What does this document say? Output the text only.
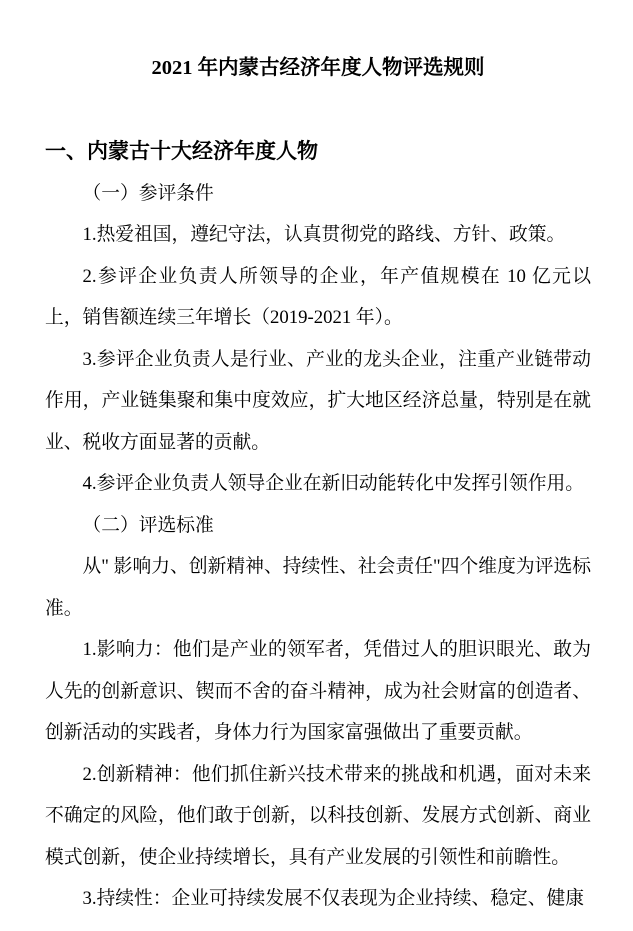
2021 年内蒙古经济年度人物评选规则

一、内蒙古十大经济年度人物

（一）参评条件

1.热爱祖国，遵纪守法，认真贯彻党的路线、方针、政策。

2.参评企业负责人所领导的企业，年产值规模在 10 亿元以上，销售额连续三年增长（2019-2021 年）。

3.参评企业负责人是行业、产业的龙头企业，注重产业链带动作用，产业链集聚和集中度效应，扩大地区经济总量，特别是在就业、税收方面显著的贡献。

4.参评企业负责人领导企业在新旧动能转化中发挥引领作用。

（二）评选标准

从" 影响力、创新精神、持续性、社会责任"四个维度为评选标准。

1.影响力：他们是产业的领军者，凭借过人的胆识眼光、敢为人先的创新意识、锲而不舍的奋斗精神，成为社会财富的创造者、创新活动的实践者，身体力行为国家富强做出了重要贡献。

2.创新精神：他们抓住新兴技术带来的挑战和机遇，面对未来不确定的风险，他们敢于创新，以科技创新、发展方式创新、商业模式创新，使企业持续增长，具有产业发展的引领性和前瞻性。

3.持续性：企业可持续发展不仅表现为企业持续、稳定、健康
